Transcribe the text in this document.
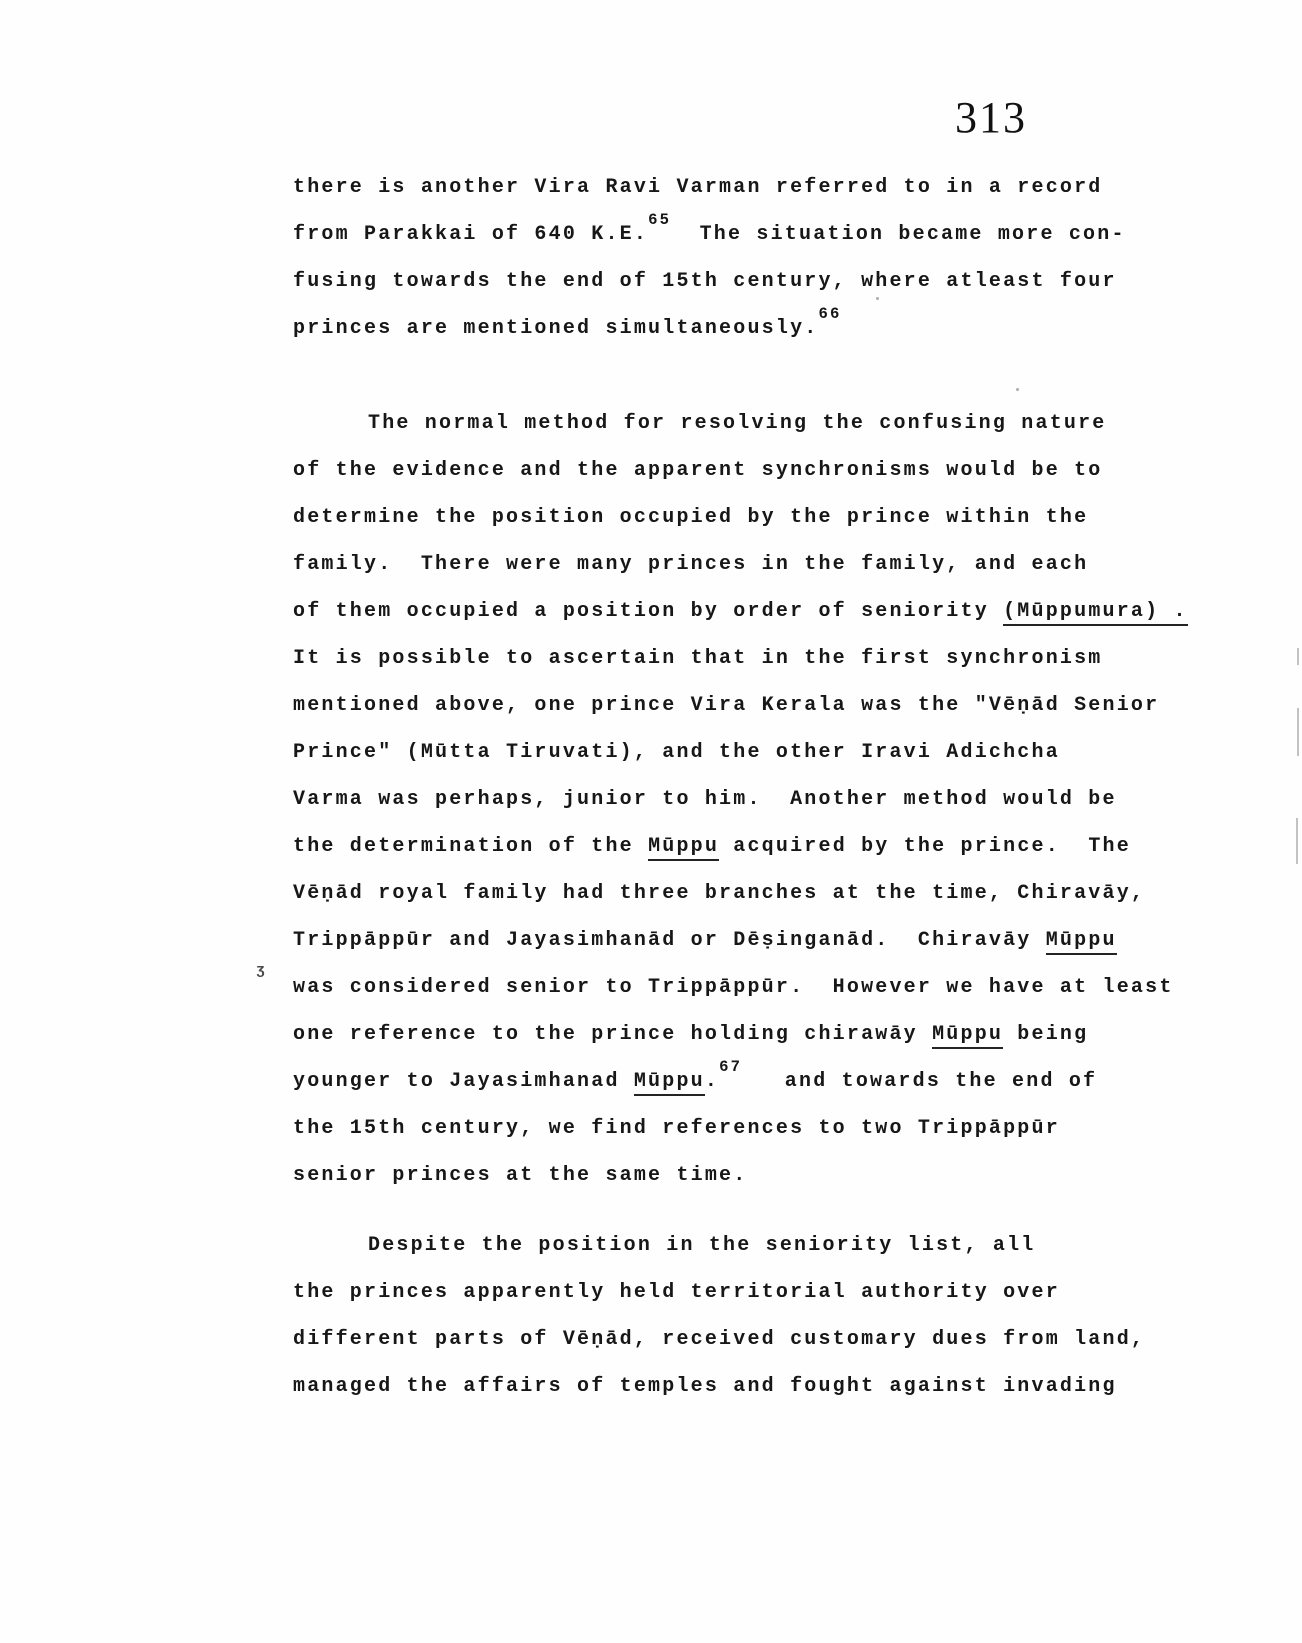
313
there is another Vira Ravi Varman referred to in a record
from Parakkai of 640 K.E.$^{65}$  The situation became more con-
fusing towards the end of 15th century, where atleast four
princes are mentioned simultaneously.$^{66}$
The normal method for resolving the confusing nature
of the evidence and the apparent synchronisms would be to
determine the position occupied by the prince within the
family.  There were many princes in the family, and each
of them occupied a position by order of seniority (Mūppumura) .
It is possible to ascertain that in the first synchronism
mentioned above, one prince Vira Kerala was the "Vēṇād Senior
Prince" (Mūtta Tiruvati), and the other Iravi Adichcha
Varma was perhaps, junior to him.  Another method would be
the determination of the Mūppu acquired by the prince.  The
Vēṇād royal family had three branches at the time, Chiravāy,
Trippāppūr and Jayasimhanād or Dēṣinganād.  Chiravāy Mūppu
was considered senior to Trippāppūr.  However we have at least
one reference to the prince holding chirawāy Mūppu being
younger to Jayasimhanad Mūppu.$^{67}$   and towards the end of
the 15th century, we find references to two Trippāppūr
senior princes at the same time.
Despite the position in the seniority list, all
the princes apparently held territorial authority over
different parts of Vēṇād, received customary dues from land,
managed the affairs of temples and fought against invading
ʒ
